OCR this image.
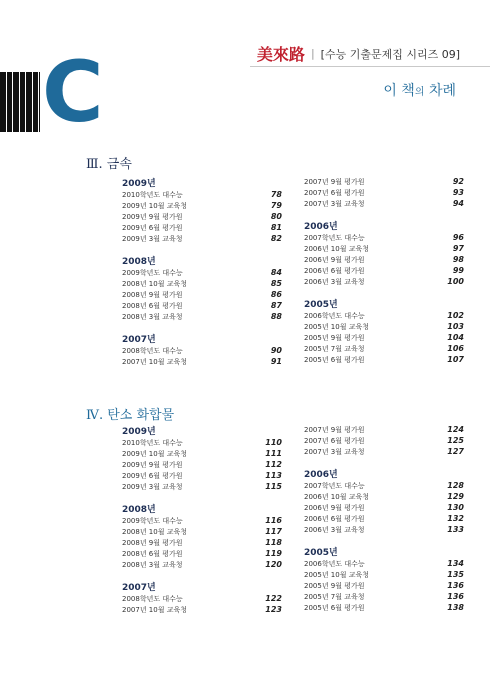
C	美來路 | [수능 기출문제집 시리즈 09]
이 책의 차례
Ⅲ. 금속
2009년
2010학년도 대수능	78
2009년 10월 교육청	79
2009년 9월 평가원	80
2009년 6월 평가원	81
2009년 3월 교육청	82
2008년
2009학년도 대수능	84
2008년 10월 교육청	85
2008년 9월 평가원	86
2008년 6월 평가원	87
2008년 3월 교육청	88
2007년
2008학년도 대수능	90
2007년 10월 교육청	91
2007년 9월 평가원	92
2007년 6월 평가원	93
2007년 3월 교육청	94
2006년
2007학년도 대수능	96
2006년 10월 교육청	97
2006년 9월 평가원	98
2006년 6월 평가원	99
2006년 3월 교육청	100
2005년
2006학년도 대수능	102
2005년 10월 교육청	103
2005년 9월 평가원	104
2005년 7월 교육청	106
2005년 6월 평가원	107
Ⅳ. 탄소 화합물
2009년
2010학년도 대수능	110
2009년 10월 교육청	111
2009년 9월 평가원	112
2009년 6월 평가원	113
2009년 3월 교육청	115
2008년
2009학년도 대수능	116
2008년 10월 교육청	117
2008년 9월 평가원	118
2008년 6월 평가원	119
2008년 3월 교육청	120
2007년
2008학년도 대수능	122
2007년 10월 교육청	123
2007년 9월 평가원	124
2007년 6월 평가원	125
2007년 3월 교육청	127
2006년
2007학년도 대수능	128
2006년 10월 교육청	129
2006년 9월 평가원	130
2006년 6월 평가원	132
2006년 3월 교육청	133
2005년
2006학년도 대수능	134
2005년 10월 교육청	135
2005년 9월 평가원	136
2005년 7월 교육청	136
2005년 6월 평가원	138
